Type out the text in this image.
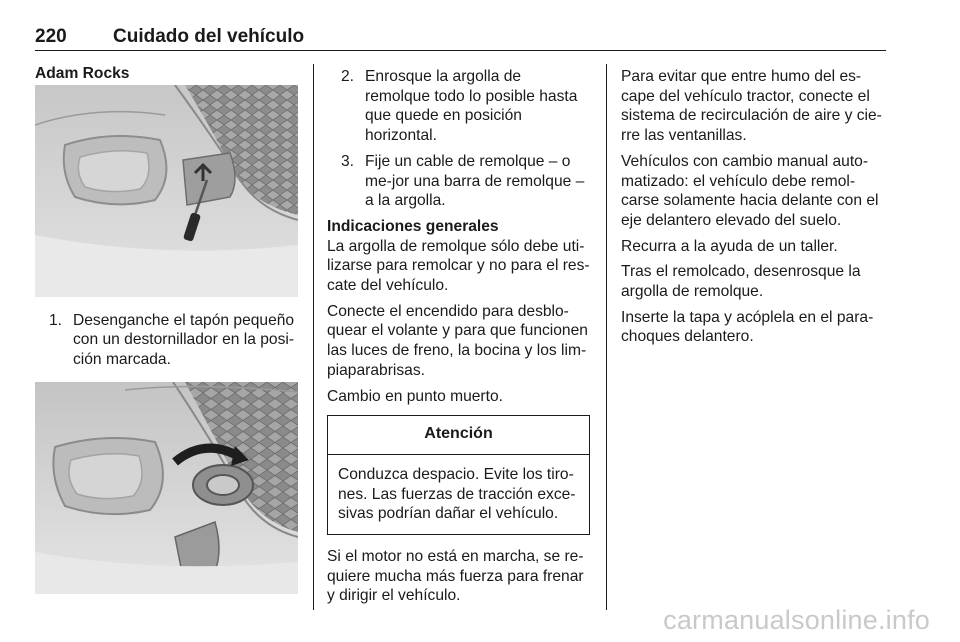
220 Cuidado del vehículo
Adam Rocks
1. Desenganche el tapón pequeño con un destornillador en la posi-ción marcada.
2. Enrosque la argolla de remolque todo lo posible hasta que quede en posición horizontal.
3. Fije un cable de remolque – o me-jor una barra de remolque – a la argolla.
Indicaciones generales

La argolla de remolque sólo debe uti-lizarse para remolcar y no para el res-cate del vehículo.

Conecte el encendido para desblo-quear el volante y para que funcionen las luces de freno, la bocina y los lim-piaparabrisas.

Cambio en punto muerto.

Atención
Conduzca despacio. Evite los tiro-nes. Las fuerzas de tracción exce-sivas podrían dañar el vehículo.

Si el motor no está en marcha, se re-quiere mucha más fuerza para frenar y dirigir el vehículo.

Para evitar que entre humo del es-cape del vehículo tractor, conecte el sistema de recirculación de aire y cie-rre las ventanillas.

Vehículos con cambio manual auto-matizado: el vehículo debe remol-carse solamente hacia delante con el eje delantero elevado del suelo.

Recurra a la ayuda de un taller.

Tras el remolcado, desenrosque la argolla de remolque.

Inserte la tapa y acóplela en el para-choques delantero.

carmanualsonline.info
